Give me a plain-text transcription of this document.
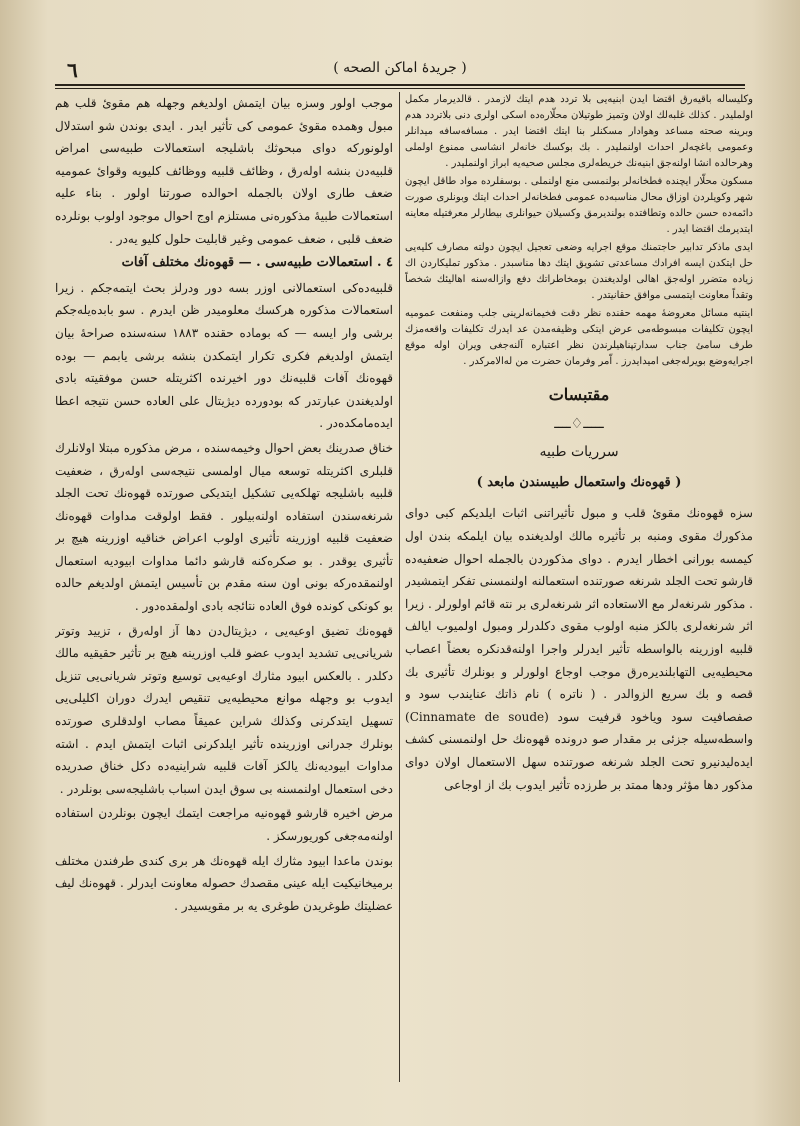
٦	( جريدهٔ اماكن الصحه )

وكليساله باقيه‌رق اقتضا ايدن ابنيه‌يى بلا تردد هدم ايتك لازمدر . قالديرمار مكمل اولمليدر . كذلك غلبه‌لك اولان وتميز طوتيلان محلّاره‌ده اسكى اولرى دنى بلاتردد هدم وبرينه صحته مساعد وهوادار مسكنلر بنا ايتك اقتضا ايدر . مسافه‌سافه ميدانلر وعمومى باغچه‌لر احداث اولنمليدر . بك بوكسك خانه‌لر انشاسى ممنوع اولملى وهرحالده انشا اولنه‌جق ابنيه‌نك خريطه‌لرى مجلس صحيه‌يه ابراز اولنمليدر .

مسكون محلّار ايچنده فطخانه‌لر بولنمسى منع اولنملى . بوسفلرده مواد طاقل ايچون شهر وكويلردن اوزاق محال مناسبه‌ده عمومى فطخانه‌لر احداث ايتك وبونلرى صورت دائمه‌ده حسن حالده وتطافتده بولنديرمق وكسيلان حيوانلرى بيطارلر معرفتيله معاينه ايتديرمك اقتضا ايدر .

ايدى ماذكر تدابير حاجتمنك موقع اجرايه وضعى تعجيل ايچون دولته مصارف كليه‌يى حل ايتكدن ايسه افرادك مساعدتى تشويق ايتك دها مناسبدر . مذكور تمليكاردن اك زياده متضرر اوله‌جق اهالى اولديغندن بومخاطراتك دفع وازاله‌سنه اهاليئك شخصاً وتقداً معاونت ايتمسى موافق حقانيتدر .

اينتيه مسائل معروضهٔ مهمه حقنده نظر دقت فخيمانه‌لرينى جلب ومنفعت عموميه ايچون تكليفات مبسوطه‌مى عرض ايتكى وظيفه‌مدن عد ايدرك تكليفات واقعه‌مزك طرف سامئ جناب سدارتپناهيلرندن نظر اعتباره آلنه‌جغى ويران اوله موقع اجرايه‌وضع بويرله‌جغى اميدايدرز . اّمر وفرمان حضرت من له‌الامركدر .

مقتبسات
ـــــ♢ــــ
سرريات طبيه
( قهوه‌نك واستعمال طبيسندن مابعد )

سزه قهوه‌نك مقوئ قلب و مبول تأثيراتنى اثبات ايلديكم كبى دواى مذكورك مقوى ومنبه بر تأثيره مالك اولديغنده بيان ايلمكه بندن اول كيمسه بورانى اخطار ايدرم . دواى مذكوردن بالجمله احوال ضعفيه‌ده قارشو تحت الجلد شرنغه صورتنده استعمالنه اولنمسنى تفكر ايتمشيدر . مذكور شرنغه‌لر مع الاستعاده اثر شرنغه‌لرى بر نته قائم اولورلر . زيرا اثر شرنغه‌لرى بالكز منبه اولوب مقوى دكلدرلر ومبول اولميوب ايالف قلبيه اوزرينه بالواسطه تأثير ايدرلر واجرا اولنه‌قدنكره بعضاً اعصاب محيطيه‌يى التهابلنديره‌رق موجب اوجاع اولورلر و بونلرك تأثيرى بك قصه و بك سريع الزوالدر . ( ناتره ) نام ذاتك عنايندب سود و صفصافيت سود وياخود قرفيت سود (Cinnamate de soude) واسطه‌سيله جزئى بر مقدار صو درونده قهوه‌نك حل اولنمسنى كشف ايده‌ليدنيرو تحت الجلد شرنغه صورتنده سهل الاستعمال اولان دواى مذكور دها مؤثر ودها ممتد بر طرزده تأثير ايدوب بك از اوجاعى

موجب اولور وسزه بيان ايتمش اولديغم وجهله هم مقوئ قلب هم مبول وهمده مقوئ عمومى كى تأثير ايدر . ايدى بوندن شو استدلال اولونوركه دواى مبحوثك باشليجه استعمالات طبيه‌سى امراض قلبيه‌دن بنشه اوله‌رق ، وظائف قلبيه ووظائف كليويه وقوائ عموميه ضعف طارى اولان بالجمله احوالده صورتنا اولور . بناء عليه استعمالات طبيهٔ مذكوره‌نى مستلزم اوج احوال موجود اولوب بونلرده ضعف قلبى ، ضعف عمومى وغير قابليت حلول كليو يه‌در .

٤ . استعمالات طبيه‌سى . — قهوه‌نك مختلف آفات

قلبيه‌ده‌كى استعمالانى اوزر بسه دور ودرلز بحث ايتمه‌جكم . زيرا استعمالات مذكوره هركسك معلوميدر ظن ايدرم . سو بابده‌يله‌جكم برشى وار ايسه — كه بوماده حقنده ١٨٨٣ سنه‌سنده صراحهٔ بيان ايتمش اولديغم فكرى تكرار ايتمكدن بنشه برشى يابمم — بوده قهوه‌نك آفات قلبيه‌نك دور اخيرنده اكثريتله حسن موفقيته بادى اولديغندن عبارتدر كه بودورده ديژيتال على العاده حسن نتيجه اعطا ايده‌مامكده‌در .

خناق صدرينك بعض احوال وخيمه‌سنده ، مرض مذكوره مبتلا اولانلرك قلبلرى اكثريتله توسعه ميال اولمسى نتيجه‌سى اوله‌رق ، ضعفيت قلبيه باشليجه تهلكه‌يى تشكيل ايتديكى صورتده قهوه‌نك تحت الجلد شرنغه‌سندن استفاده اولنه‌بيلور . فقط اولوقت مداوات قهوه‌نك ضعفيت قلبيه اوزرينه تأثيرى اولوب اعراض خناقيه اوزرينه هيچ بر تأثيرى يوقدر . بو صكره‌كنه قارشو دائما مداوات ابيوديه استعمال اولنمقده‌ركه بونى اون سنه مقدم بن تأسيس ايتمش اولديغم حالده بو كونكى كونده فوق العاده نتائجه بادى اولمقده‌دور .

قهوه‌نك تضيق اوعيه‌يى ، ديژيتال‌دن دها آز اوله‌رق ، تزييد وتوتر شريانى‌يى تشديد ايدوب عضو قلب اوزرينه هيچ بر تأثير حقيقيه مالك دكلدر . بالعكس ابيود مثارك اوعيه‌يى توسيع وتوتر شريانى‌يى تنزيل ايدوب بو وجهله موانع محيطيه‌يى تنقيص ايدرك دوران اكليلى‌يى تسهيل ايتدكرنى وكذلك شراين عميقاً مصاب اولدقلرى صورتده بونلرك جدرانى اوزرينده تأثير ايلدكرنى اثبات ايتمش ايدم . اشته مداوات ابيوديه‌نك يالكز آفات قلبيه شراينيه‌ده دكل خناق صدريده دخى استعمال اولنمسنه بى سوق ايدن اسباب باشليجه‌سى بونلردر .

مرض اخيره قارشو قهوه‌نيه مراجعت ايتمك ايچون بونلردن استفاده اولنه‌مه‌جغى كوريورسكز .

بوندن ماعدا ابيود مثارك ايله قهوه‌نك هر برى كندى طرفندن مختلف برميخانيكيت ايله عينى مقصدك حصوله معاونت ايدرلر . قهوه‌نك ليف عضليتك طوغريدن طوغرى يه بر مقويسيدر .
